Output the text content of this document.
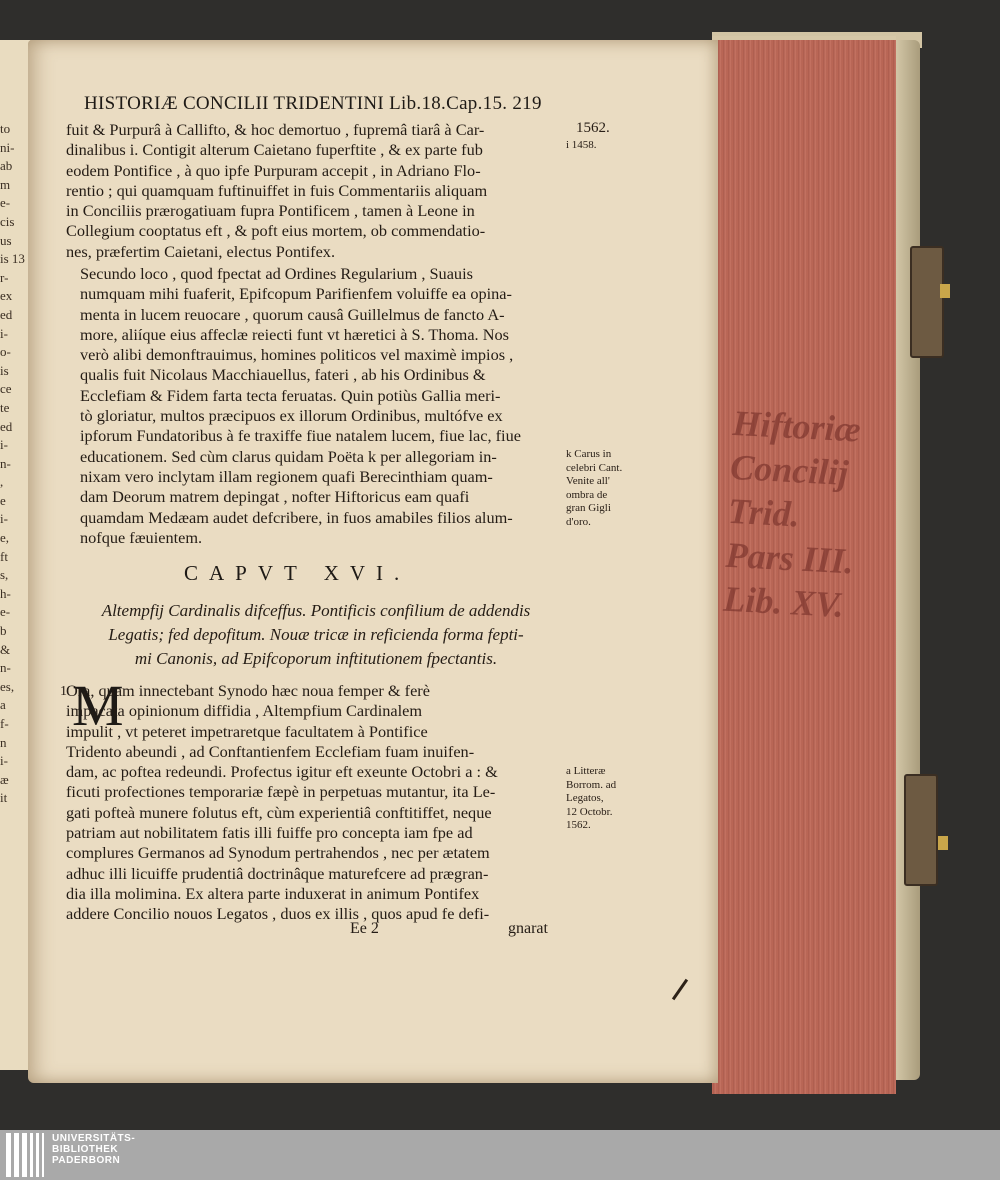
to
ni-
ab
m
e-
cis
us
is 13
r-
ex
ed
i-
o-
is
ce
te
ed
i-
n-
,
e
i-
e,
ft
s,
h-
e-
b
&
n-
es,
a
f-
n
i-
æ
it
Hiftoriæ
Concilij Trid.
Pars III.
Lib. XV.
HISTORIÆ CONCILII TRIDENTINI Lib.18.Cap.15. 219
1562.
i 1458.
fuit & Purpurâ à Callifto, & hoc demortuo , fupremâ tiarâ à Car-
dinalibus i. Contigit alterum Caietano fuperftite , & ex parte fub
eodem Pontifice , à quo ipfe Purpuram accepit , in Adriano Flo-
rentio ; qui quamquam fuftinuiffet in fuis Commentariis aliquam
in Conciliis prærogatiuam fupra Pontificem , tamen à Leone in
Collegium cooptatus eft , & poft eius mortem, ob commendatio-
nes, præfertim Caietani, electus Pontifex.
Secundo loco , quod fpectat ad Ordines Regularium , Suauis
numquam mihi fuaferit, Epifcopum Parifienfem voluiffe ea opina-
menta in lucem reuocare , quorum causâ Guillelmus de fancto A-
more, aliíque eius affeclæ reiecti funt vt hæretici à S. Thoma. Nos
verò alibi demonftrauimus, homines politicos vel maximè impios ,
qualis fuit Nicolaus Macchiauellus, fateri , ab his Ordinibus &
Ecclefiam & Fidem farta tecta feruatas. Quin potiùs Gallia meri-
tò gloriatur, multos præcipuos ex illorum Ordinibus, multófve ex
ipforum Fundatoribus à fe traxiffe fiue natalem lucem, fiue lac, fiue
educationem. Sed cùm clarus quidam Poëta k per allegoriam in-
nixam vero inclytam illam regionem quafi Berecinthiam quam-
dam Deorum matrem depingat , nofter Hiftoricus eam quafi
quamdam Medæam audet defcribere, in fuos amabiles filios alum-
nofque fæuientem.
k Carus in
celebri Cant.
Venite all'
ombra de
gran Gigli
d'oro.
CAPVT XVI.
Altempfij Cardinalis difceffus. Pontificis confilium de addendis
Legatis; fed depofitum. Nouæ tricæ in reficienda forma fepti-
mi Canonis, ad Epifcoporum inftitutionem fpectantis.
1 M
Ora, quam innectebant Synodo hæc noua femper & ferè
impacata opinionum diffidia , Altempfium Cardinalem
impulit , vt peteret impetraretque facultatem à Pontifice
Tridento abeundi , ad Conftantienfem Ecclefiam fuam inuifen-
dam, ac poftea redeundi. Profectus igitur eft exeunte Octobri a : &
ficuti profectiones temporariæ fæpè in perpetuas mutantur, ita Le-
gati pofteà munere folutus eft, cùm experientiâ conftitiffet, neque
patriam aut nobilitatem fatis illi fuiffe pro concepta iam fpe ad
complures Germanos ad Synodum pertrahendos , nec per ætatem
adhuc illi licuiffe prudentiâ doctrinâque maturefcere ad prægran-
dia illa molimina. Ex altera parte induxerat in animum Pontifex
addere Concilio nouos Legatos , duos ex illis , quos apud fe defi-
a Litteræ
Borrom. ad
Legatos,
12 Octobr.
1562.
Ee 2	gnarat
UNIVERSITÄTS-
BIBLIOTHEK
PADERBORN
